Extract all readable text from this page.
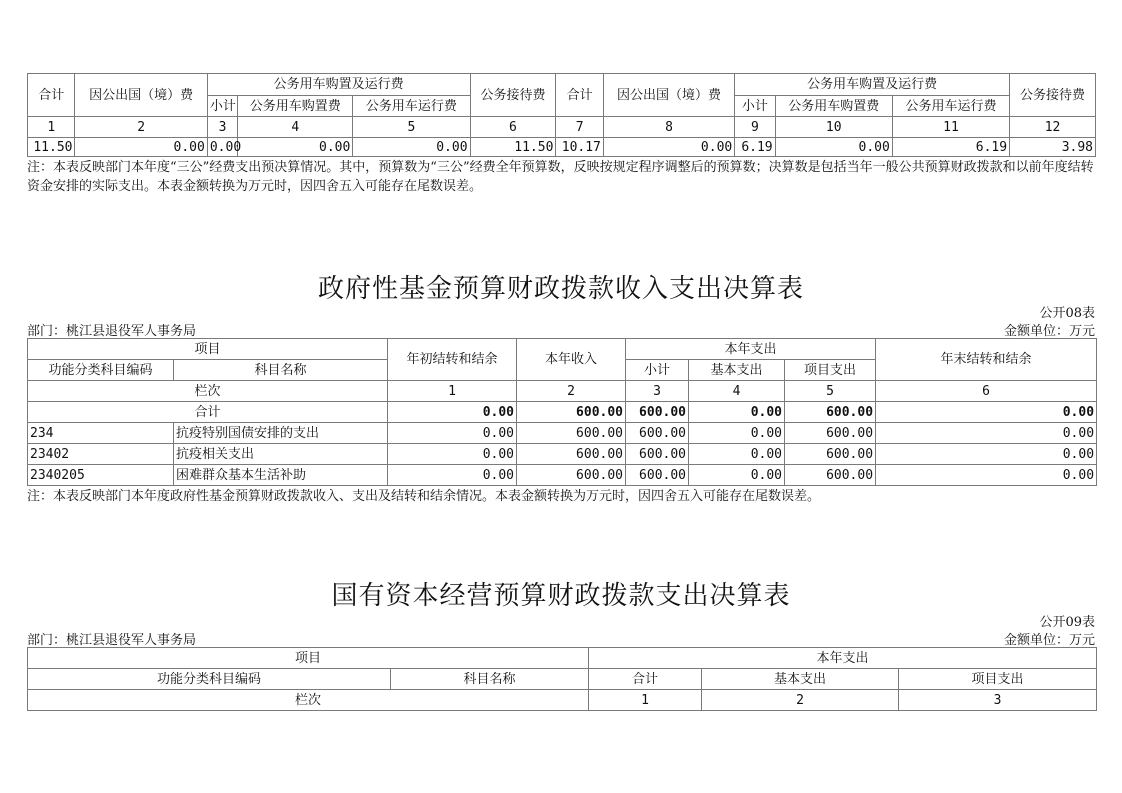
合计	因公出国（境）费	公务用车购置及运行费			公务接待费	合计	因公出国（境）费	公务用车购置及运行费			公务接待费
		小计	公务用车购置费	公务用车运行费				小计	公务用车购置费	公务用车运行费	
1	2	3	4	5	6	7	8	9	10	11	12
11.50	0.00	0.00	0.00	0.00	11.50	10.17	0.00	6.19	0.00	6.19	3.98
注：本表反映部门本年度“三公”经费支出预决算情况。其中，预算数为“三公”经费全年预算数，反映按规定程序调整后的预算数；决算数是包括当年一般公共预算财政拨款和以前年度结转资金安排的实际支出。本表金额转换为万元时，因四舍五入可能存在尾数误差。
政府性基金预算财政拨款收入支出决算表
公开08表
部门：桃江县退役军人事务局	金额单位：万元
项目		年初结转和结余	本年收入	本年支出			年末结转和结余
功能分类科目编码	科目名称			小计	基本支出	项目支出	
栏次		1	2	3	4	5	6
合计		0.00	600.00	600.00	0.00	600.00	0.00
234	抗疫特别国债安排的支出	0.00	600.00	600.00	0.00	600.00	0.00
23402	抗疫相关支出	0.00	600.00	600.00	0.00	600.00	0.00
2340205	困难群众基本生活补助	0.00	600.00	600.00	0.00	600.00	0.00
注：本表反映部门本年度政府性基金预算财政拨款收入、支出及结转和结余情况。本表金额转换为万元时，因四舍五入可能存在尾数误差。
国有资本经营预算财政拨款支出决算表
公开09表
部门：桃江县退役军人事务局	金额单位：万元
项目		本年支出		
功能分类科目编码	科目名称	合计	基本支出	项目支出
栏次		1	2	3
